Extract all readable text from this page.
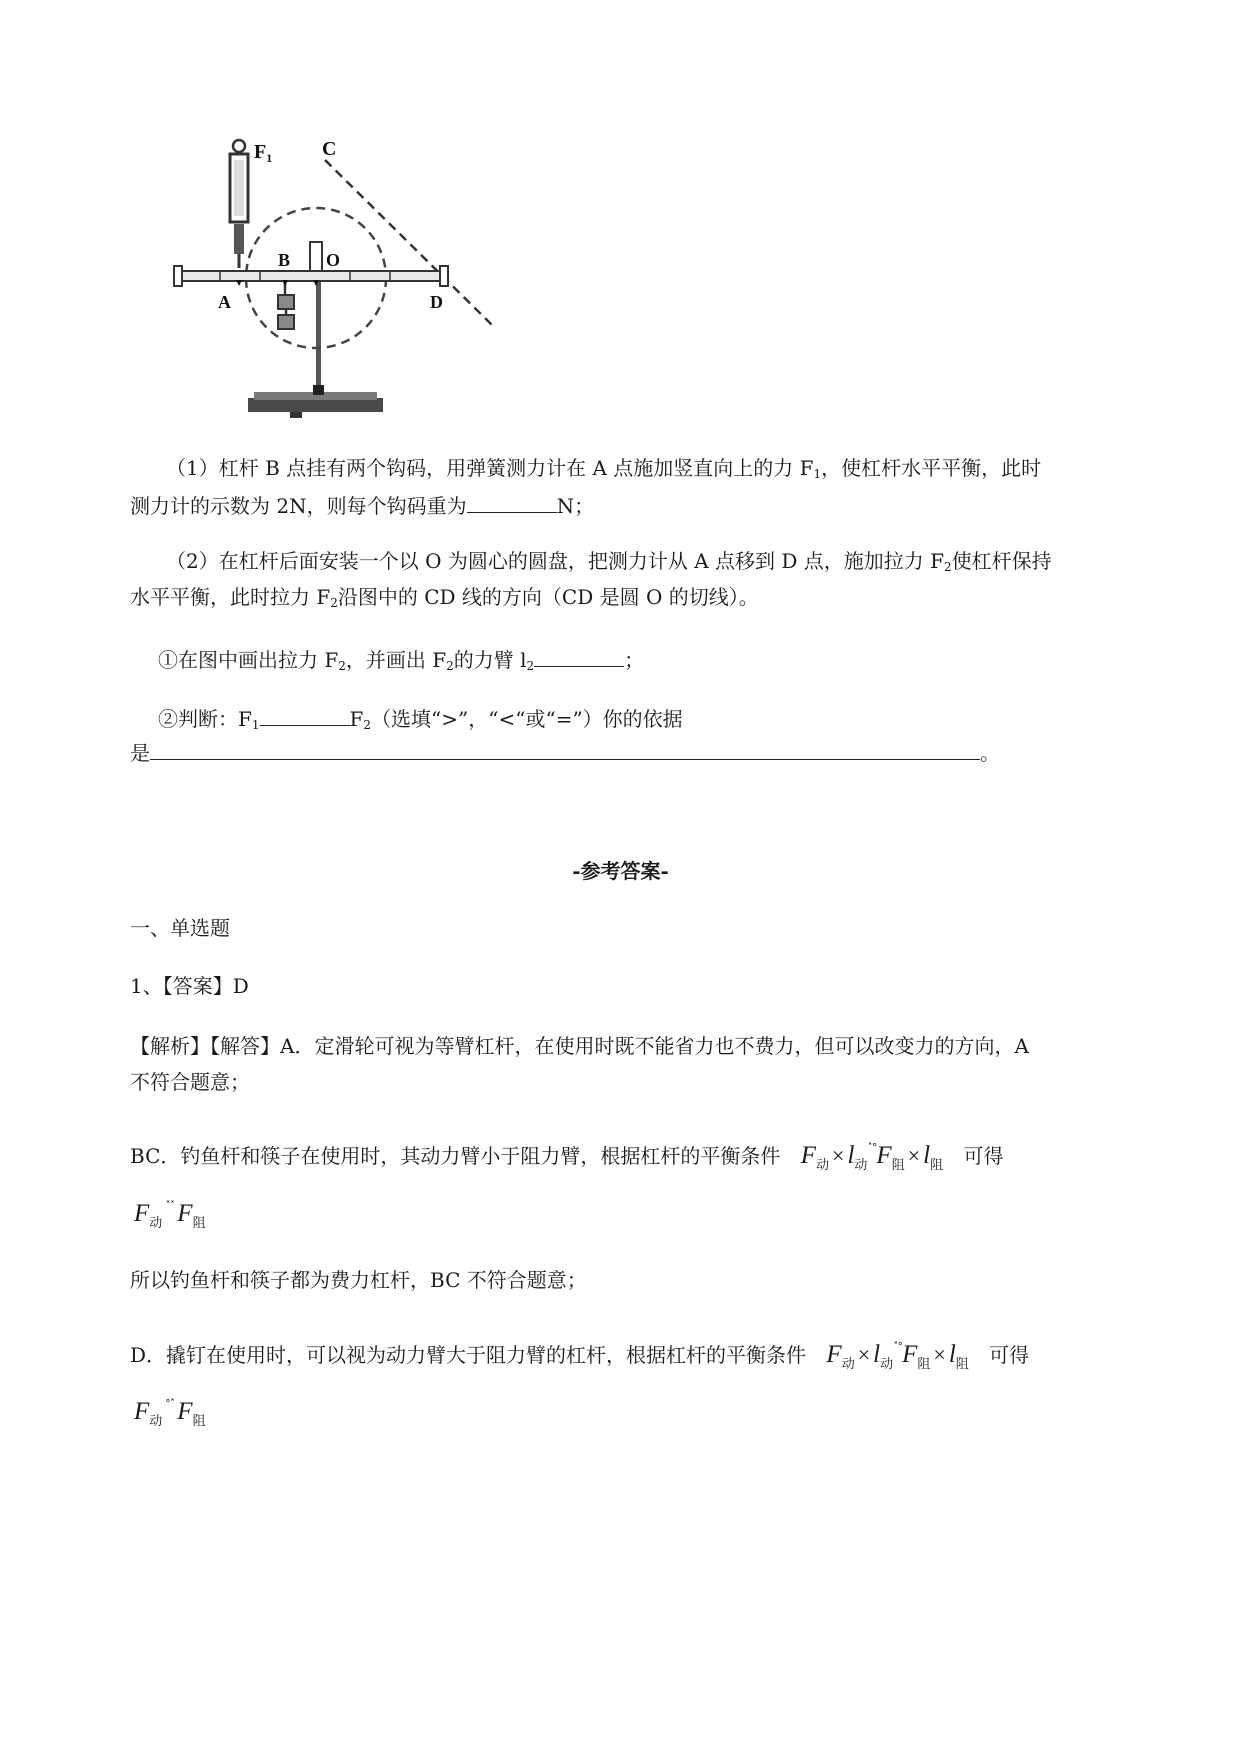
$F_1$ C
B O
A	D
（1）杠杆 B 点挂有两个钩码，用弹簧测力计在 A 点施加竖直向上的力 $F_1$，使杠杆水平平衡，此时
测力计的示数为 2N，则每个钩码重为	N；
（2）在杠杆后面安装一个以 O 为圆心的圆盘，把测力计从 A 点移到 D 点，施加拉力 $F_2$使杠杆保持
水平平衡，此时拉力 $F_2$沿图中的 CD 线的方向（CD 是圆 O 的切线）。
①在图中画出拉力 $F_2$，并画出 $F_2$的力臂 $l_2$	；
②判断：$F_1$	$F_2$（选填“>”，“<“或“=”）你的依据
是	。
-参考答案-
一、单选题
1、【答案】D
【解析】【解答】A．定滑轮可视为等臂杠杆，在使用时既不能省力也不费力，但可以改变力的方向，A
不符合题意；
BC．钓鱼杆和筷子在使用时，其动力臂小于阻力臂，根据杠杆的平衡条件 $F_动 \times l_动^{˟^\circ}F_阻 \times l_阻$ 可得
$F_动^{˟˟}$ $F_阻$
所以钓鱼杆和筷子都为费力杠杆，BC 不符合题意；
D．撬钉在使用时，可以视为动力臂大于阻力臂的杠杆，根据杠杆的平衡条件 $F_动 \times l_动^{˟^\circ}F_阻 \times l_阻$ 可得
$F_动^{^\circ˟}$ $F_阻$
